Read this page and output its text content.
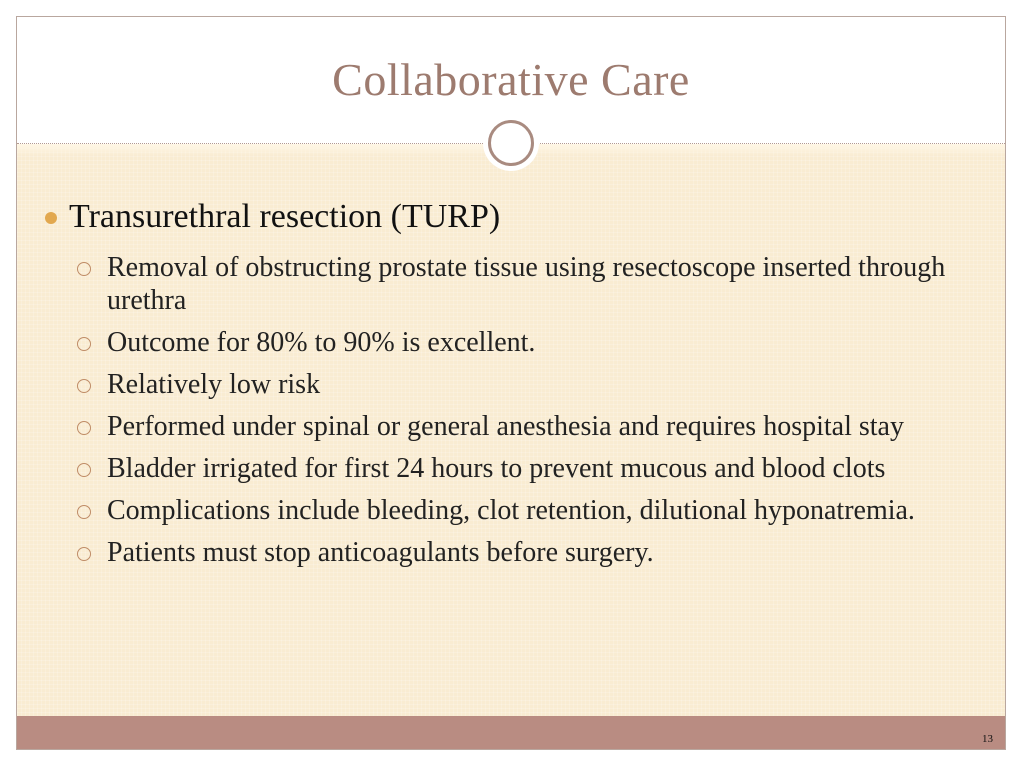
Collaborative Care
Transurethral resection (TURP)
Removal of obstructing prostate tissue using resectoscope inserted through urethra
Outcome for 80% to 90% is excellent.
Relatively low risk
Performed under spinal or general anesthesia and requires hospital stay
Bladder irrigated for first 24 hours to prevent mucous and blood clots
Complications include bleeding, clot retention, dilutional hyponatremia.
Patients must stop anticoagulants before surgery.
13
